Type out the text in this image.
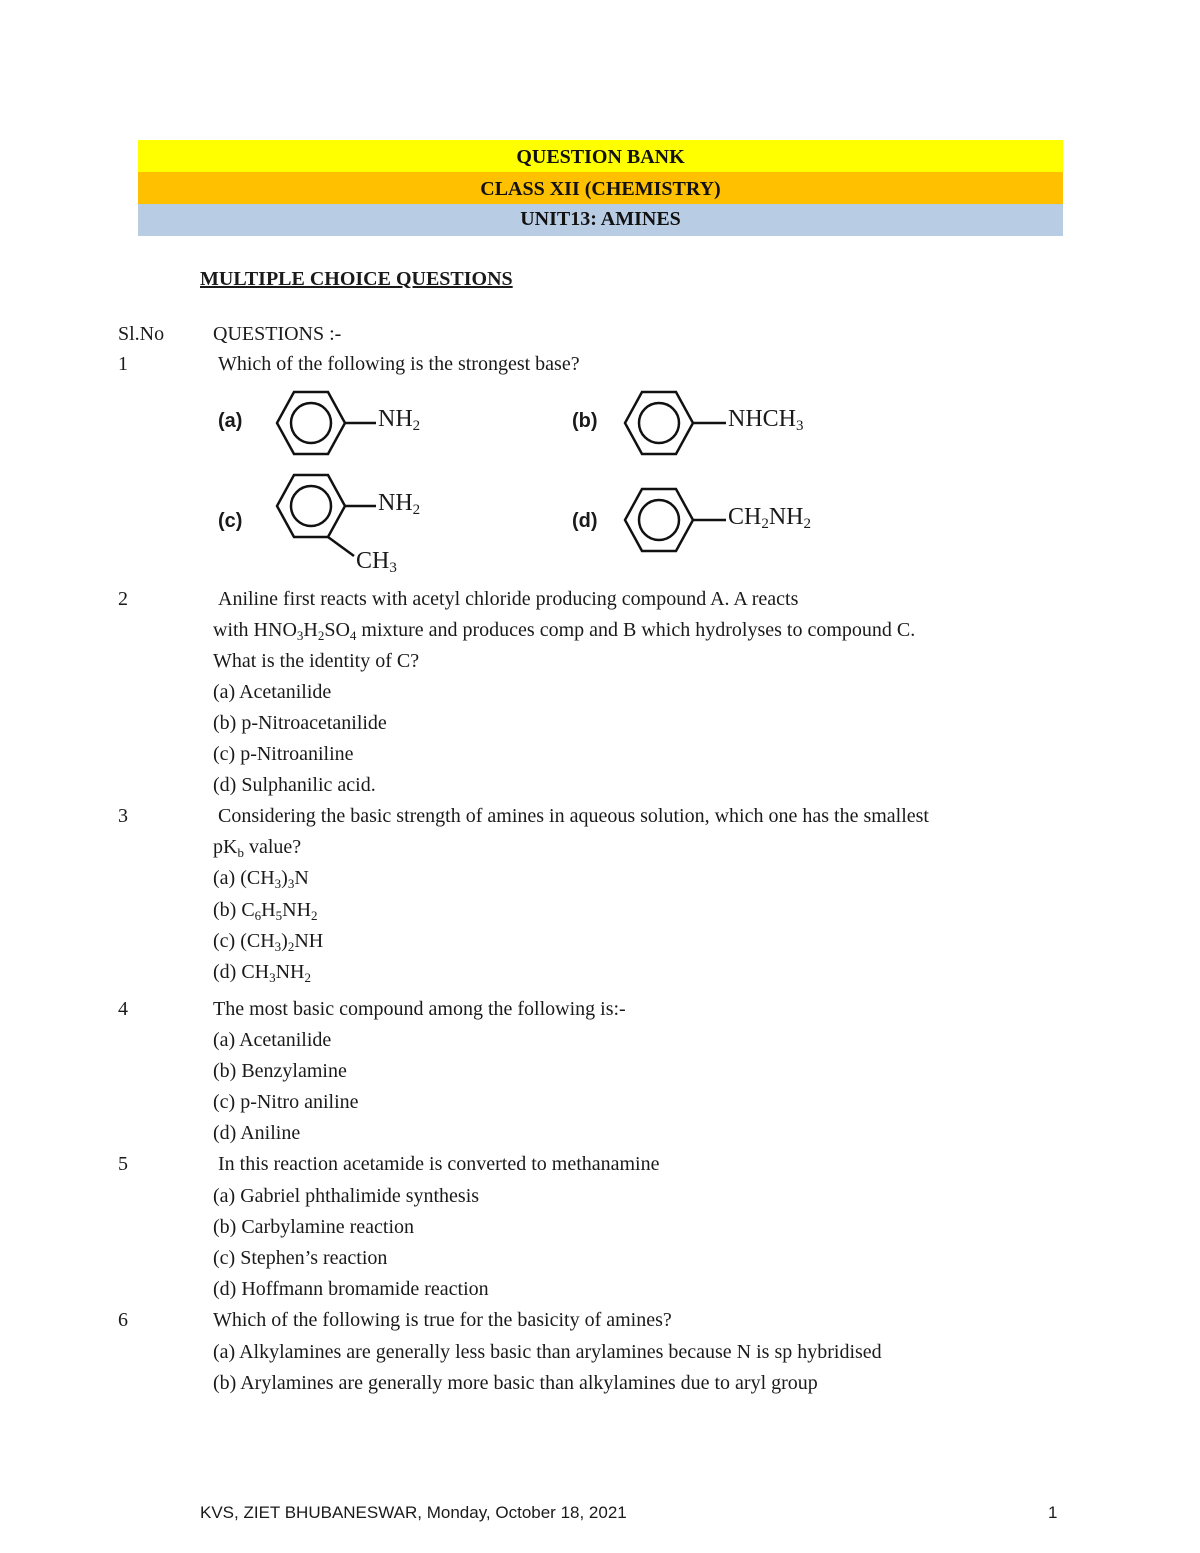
QUESTION BANK
CLASS XII (CHEMISTRY)
UNIT13: AMINES
MULTIPLE CHOICE QUESTIONS
Sl.No QUESTIONS :-
1	Which of the following is the strongest base?
(a)	$NH_2$	(b)	$NHCH_3$
(c)
$NH_2$
$CH_3$
(d)	$CH_2NH_2$
2	Aniline first reacts with acetyl chloride producing compound A. A reacts
with $HNO_3H_2SO_4$ mixture and produces comp and B which hydrolyses to compound C.
What is the identity of C?
(a) Acetanilide
(b) p-Nitroacetanilide
(c) p-Nitroaniline
(d) Sulphanilic acid.
3	Considering the basic strength of amines in aqueous solution, which one has the smallest
$pK_b$ value?
(a) $(CH_3)_3N$
(b) $C_6H_5NH_2$
(c) $(CH_3)_2NH$
(d) $CH_3NH_2$
4	The most basic compound among the following is:-
(a) Acetanilide
(b) Benzylamine
(c) p-Nitro aniline
(d) Aniline
5	In this reaction acetamide is converted to methanamine
(a) Gabriel phthalimide synthesis
(b) Carbylamine reaction
(c) Stephen’s reaction
(d) Hoffmann bromamide reaction
6	Which of the following is true for the basicity of amines?
(a) Alkylamines are generally less basic than arylamines because N is sp hybridised
(b) Arylamines are generally more basic than alkylamines due to aryl group
KVS, ZIET BHUBANESWAR, Monday, October 18, 2021	1
